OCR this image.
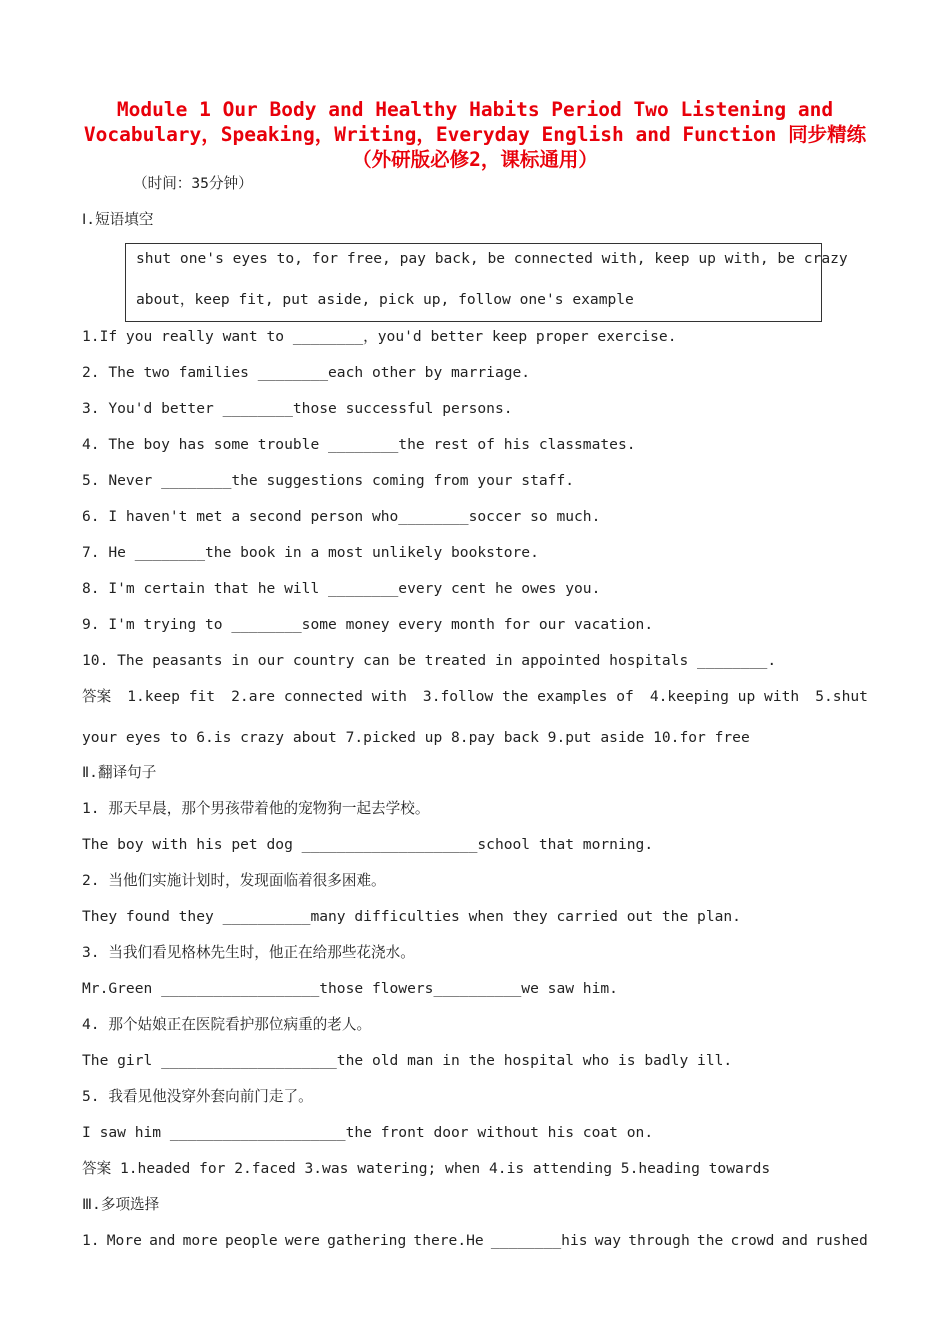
Module 1 Our Body and Healthy Habits Period Two Listening and
Vocabulary，Speaking，Writing，Everyday English and Function 同步精练
（外研版必修2，课标通用）
（时间：35分钟）
Ⅰ.短语填空
shut one's eyes to, for free, pay back, be connected with, keep up with, be crazy
about，keep fit, put aside, pick up, follow one's example
1.If you really want to ________，you'd better keep proper exercise.
2. The two families ________each other by marriage.
3. You'd better ________those successful persons.
4. The boy has some trouble ________the rest of his classmates.
5. Never ________the suggestions coming from your staff.
6. I haven't met a second person who________soccer so much.
7. He ________the book in a most unlikely bookstore.
8. I'm certain that he will ________every cent he owes you.
9. I'm trying to ________some money every month for our vacation.
10. The peasants in our country can be treated in appointed hospitals ________.
答案 1.keep fit 2.are connected with 3.follow the examples of 4.keeping up with 5.shut
your eyes to 6.is crazy about 7.picked up 8.pay back 9.put aside 10.for free
Ⅱ.翻译句子
1. 那天早晨，那个男孩带着他的宠物狗一起去学校。
The boy with his pet dog ____________________school that morning.
2. 当他们实施计划时，发现面临着很多困难。
They found they __________many difficulties when they carried out the plan.
3. 当我们看见格林先生时，他正在给那些花浇水。
Mr.Green __________________those flowers__________we saw him.
4. 那个姑娘正在医院看护那位病重的老人。
The girl ____________________the old man in the hospital who is badly ill.
5. 我看见他没穿外套向前门走了。
I saw him ____________________the front door without his coat on.
答案 1.headed for 2.faced 3.was watering; when 4.is attending 5.heading towards
Ⅲ.多项选择
1. More and more people were gathering there.He ________his way through the crowd and rushed
